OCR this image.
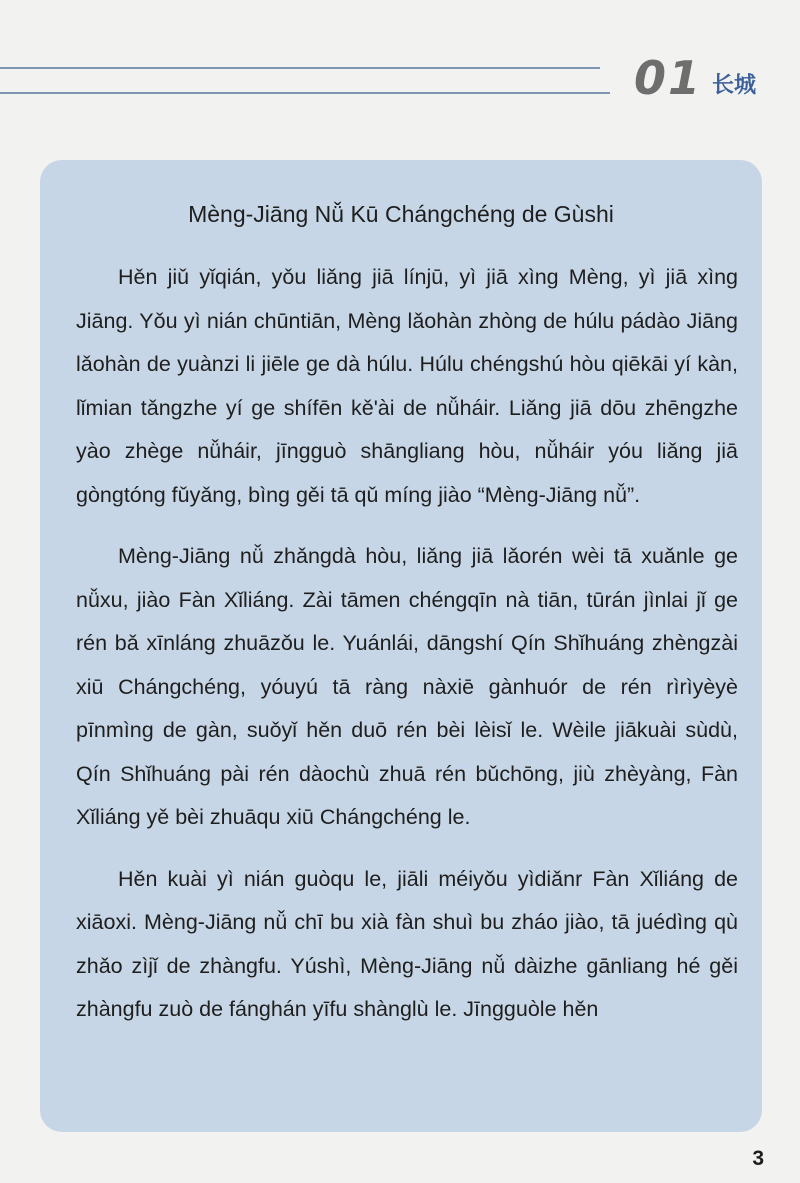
01 长城
Mèng-Jiāng Nǚ Kū Chángchéng de Gùshi

Hěn jiǔ yǐqián, yǒu liǎng jiā línjū, yì jiā xìng Mèng, yì jiā xìng Jiāng. Yǒu yì nián chūntiān, Mèng lǎohàn zhòng de húlu pádào Jiāng lǎohàn de yuànzi li jiēle ge dà húlu. Húlu chéngshú hòu qiēkāi yí kàn, lǐmian tǎngzhe yí ge shífēn kě'ài de nǚháir. Liǎng jiā dōu zhēngzhe yào zhège nǚháir, jīngguò shāngliang hòu, nǚháir yóu liǎng jiā gòngtóng fǔyǎng, bìng gěi tā qǔ míng jiào “Mèng-Jiāng nǚ”.

Mèng-Jiāng nǚ zhǎngdà hòu, liǎng jiā lǎorén wèi tā xuǎnle ge nǚxu, jiào Fàn Xǐliáng. Zài tāmen chéngqīn nà tiān, tūrán jìnlai jǐ ge rén bǎ xīnláng zhuāzǒu le. Yuánlái, dāngshí Qín Shǐhuáng zhèngzài xiū Chángchéng, yóuyú tā ràng nàxiē gànhuór de rén rìrìyèyè pīnmìng de gàn, suǒyǐ hěn duō rén bèi lèisǐ le. Wèile jiākuài sùdù, Qín Shǐhuáng pài rén dàochù zhuā rén bǔchōng, jiù zhèyàng, Fàn Xǐliáng yě bèi zhuāqu xiū Chángchéng le.

Hěn kuài yì nián guòqu le, jiāli méiyǒu yìdiǎnr Fàn Xǐliáng de xiāoxi. Mèng-Jiāng nǚ chī bu xià fàn shuì bu zháo jiào, tā juédìng qù zhǎo zìjǐ de zhàngfu. Yúshì, Mèng-Jiāng nǚ dàizhe gānliang hé gěi zhàngfu zuò de fánghán yīfu shànglù le. Jīngguòle hěn

3
